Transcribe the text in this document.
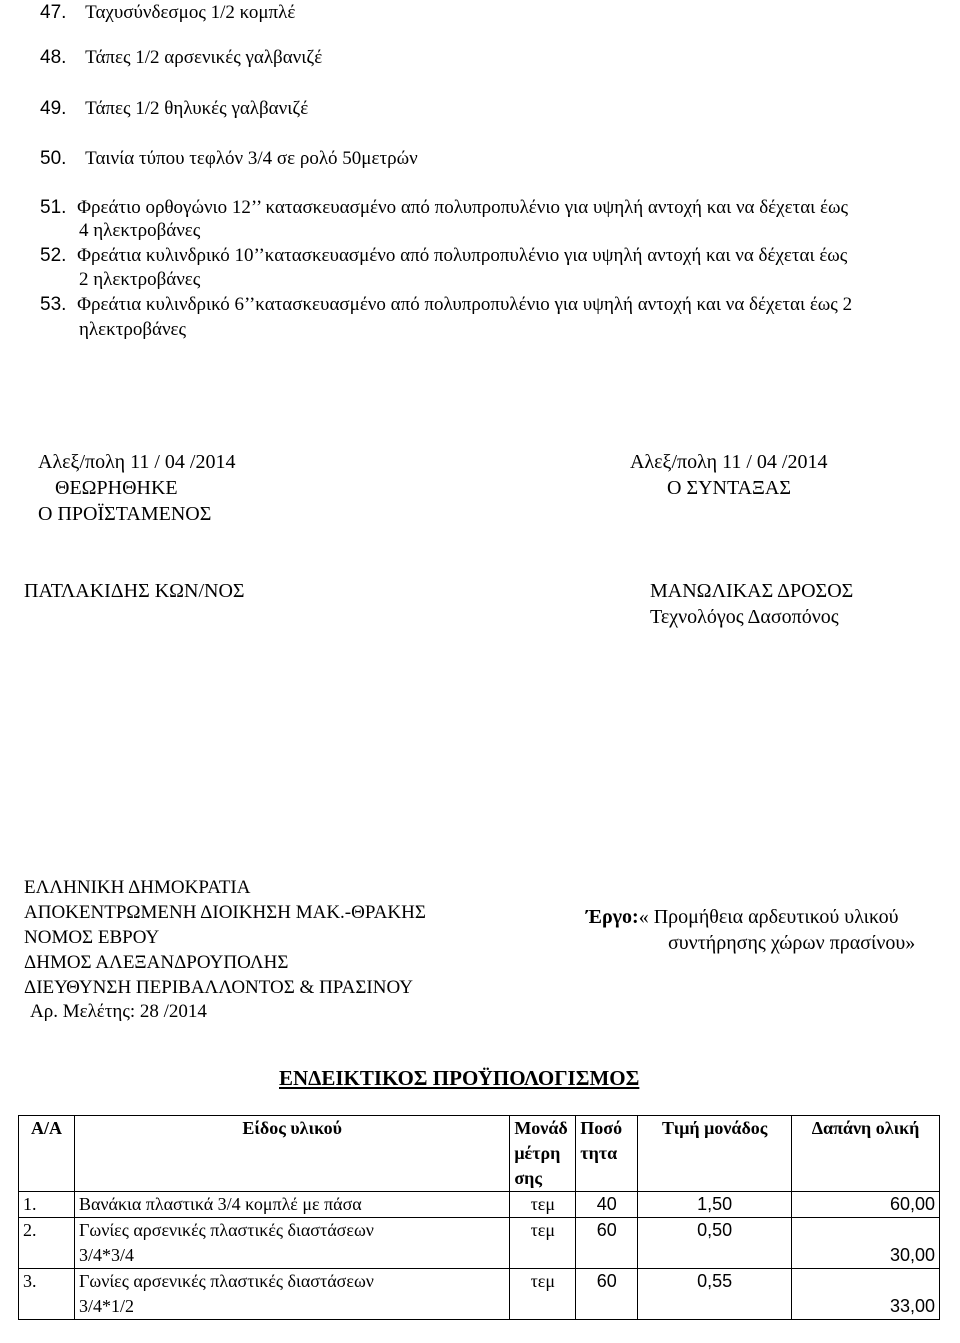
47. Ταχυσύνδεσμος 1/2 κομπλέ
48. Τάπες 1/2 αρσενικές γαλβανιζέ
49. Τάπες 1/2 θηλυκές γαλβανιζέ
50. Ταινία τύπου τεφλόν 3/4 σε ρολό 50μετρών
51. Φρεάτιο ορθογώνιο 12’’ κατασκευασμένο από πολυπροπυλένιο για υψηλή αντοχή και να δέχεται έως
4 ηλεκτροβάνες
52. Φρεάτια κυλινδρικό 10’’κατασκευασμένο από πολυπροπυλένιο για υψηλή αντοχή και να δέχεται έως
2 ηλεκτροβάνες
53. Φρεάτια κυλινδρικό 6’’κατασκευασμένο από πολυπροπυλένιο για υψηλή αντοχή και να δέχεται έως 2
ηλεκτροβάνες
Αλεξ/πολη 11 / 04 /2014
ΘΕΩΡΗΘΗΚΕ
Ο ΠΡΟΪΣΤΑΜΕΝΟΣ
ΠΑΤΛΑΚΙΔΗΣ ΚΩΝ/ΝΟΣ
Αλεξ/πολη 11 / 04 /2014
Ο ΣΥΝΤΑΞΑΣ
ΜΑΝΩΛΙΚΑΣ ΔΡΟΣΟΣ
Τεχνολόγος Δασοπόνος
ΕΛΛΗΝΙΚΗ ΔΗΜΟΚΡΑΤΙΑ
ΑΠΟΚΕΝΤΡΩΜΕΝΗ ΔΙΟΙΚΗΣΗ ΜΑΚ.-ΘΡΑΚΗΣ
ΝΟΜΟΣ ΕΒΡΟΥ
ΔΗΜΟΣ ΑΛΕΞΑΝΔΡΟΥΠΟΛΗΣ
ΔΙΕΥΘΥΝΣΗ ΠΕΡΙΒΑΛΛΟΝΤΟΣ & ΠΡΑΣΙΝΟΥ
Αρ. Μελέτης: 28 /2014
Έργο:« Προμήθεια αρδευτικού υλικού
συντήρησης χώρων πρασίνου»
ΕΝΔΕΙΚΤΙΚΟΣ ΠΡΟΫΠΟΛΟΓΙΣΜΟΣ
Α/Α	Είδος υλικού	Μονάδ μέτρη σης	Ποσό τητα	Τιμή μονάδος	Δαπάνη ολική
1.	Βανάκια πλαστικά 3/4 κομπλέ με πάσα	τεμ	40	1,50	60,00
2.	Γωνίες αρσενικές πλαστικές διαστάσεων
3/4*3/4	τεμ	60	0,50	30,00
3.	Γωνίες αρσενικές πλαστικές διαστάσεων
3/4*1/2	τεμ	60	0,55	33,00
